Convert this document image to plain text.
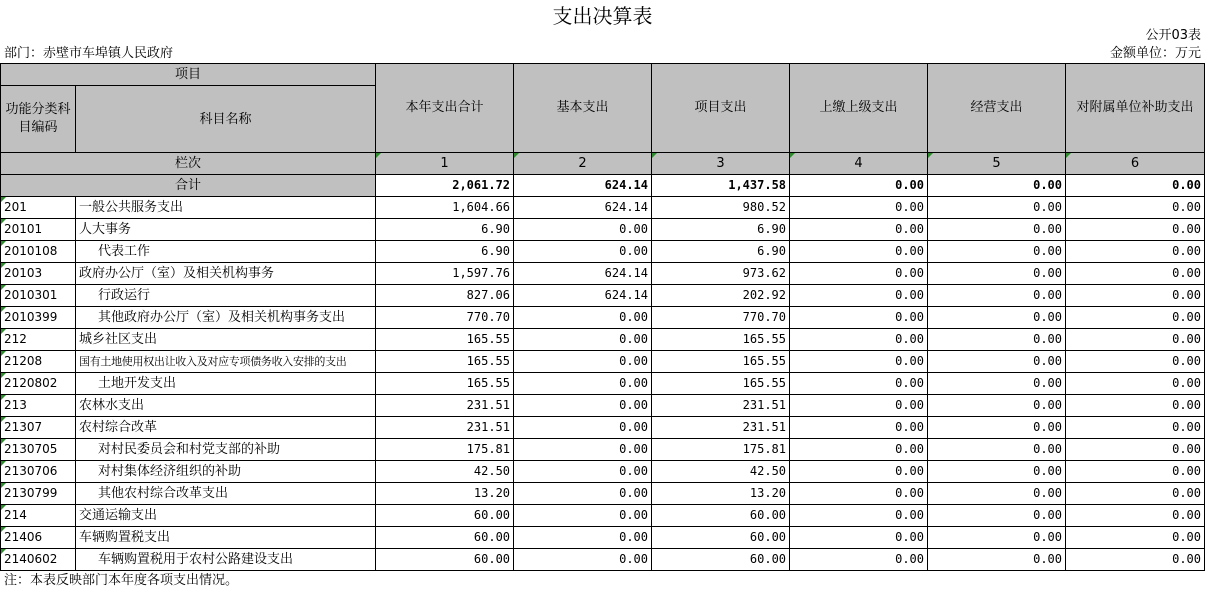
支出决算表
公开03表
部门：赤壁市车埠镇人民政府	金额单位：万元
项目		本年支出合计	基本支出	项目支出	上缴上级支出	经营支出	对附属单位补助支出
功能分类科目编码	科目名称						
栏次		1	2	3	4	5	6
合计		2,061.72	624.14	1,437.58	0.00	0.00	0.00
201	一般公共服务支出	1,604.66	624.14	980.52	0.00	0.00	0.00
20101	人大事务	6.90	0.00	6.90	0.00	0.00	0.00
2010108	代表工作	6.90	0.00	6.90	0.00	0.00	0.00
20103	政府办公厅（室）及相关机构事务	1,597.76	624.14	973.62	0.00	0.00	0.00
2010301	行政运行	827.06	624.14	202.92	0.00	0.00	0.00
2010399	其他政府办公厅（室）及相关机构事务支出	770.70	0.00	770.70	0.00	0.00	0.00
212	城乡社区支出	165.55	0.00	165.55	0.00	0.00	0.00
21208	国有土地使用权出让收入及对应专项债务收入安排的支出	165.55	0.00	165.55	0.00	0.00	0.00
2120802	土地开发支出	165.55	0.00	165.55	0.00	0.00	0.00
213	农林水支出	231.51	0.00	231.51	0.00	0.00	0.00
21307	农村综合改革	231.51	0.00	231.51	0.00	0.00	0.00
2130705	对村民委员会和村党支部的补助	175.81	0.00	175.81	0.00	0.00	0.00
2130706	对村集体经济组织的补助	42.50	0.00	42.50	0.00	0.00	0.00
2130799	其他农村综合改革支出	13.20	0.00	13.20	0.00	0.00	0.00
214	交通运输支出	60.00	0.00	60.00	0.00	0.00	0.00
21406	车辆购置税支出	60.00	0.00	60.00	0.00	0.00	0.00
2140602	车辆购置税用于农村公路建设支出	60.00	0.00	60.00	0.00	0.00	0.00
注：本表反映部门本年度各项支出情况。
